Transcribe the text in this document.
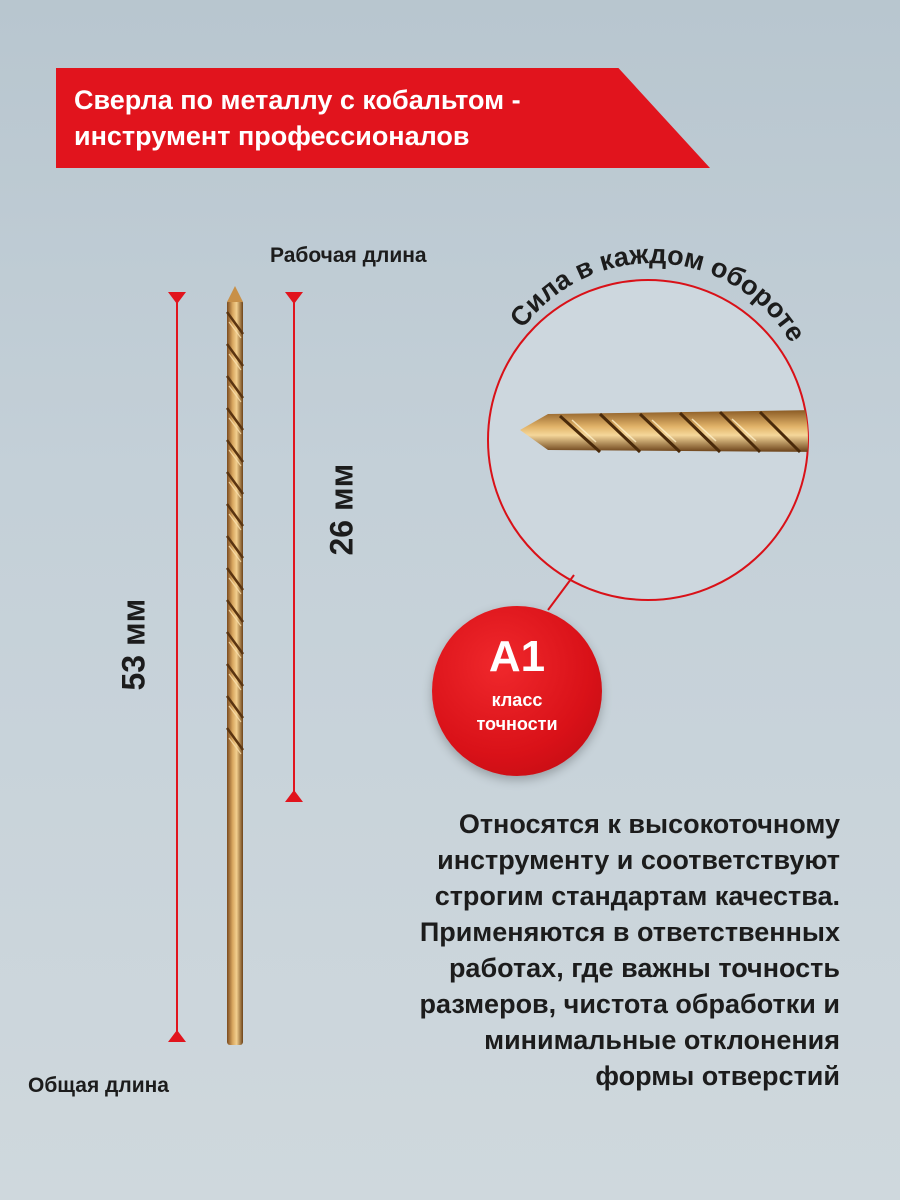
Сверла по металлу с кобальтом -
инструмент профессионалов
Рабочая длина
Общая длина
Сила в каждом обороте
53 мм
26 мм
A1
класс
точности
Относятся к высокоточному
инструменту и соответствуют
строгим стандартам качества.
Применяются в ответственных
работах, где важны точность
размеров, чистота обработки и
минимальные отклонения
формы отверстий
